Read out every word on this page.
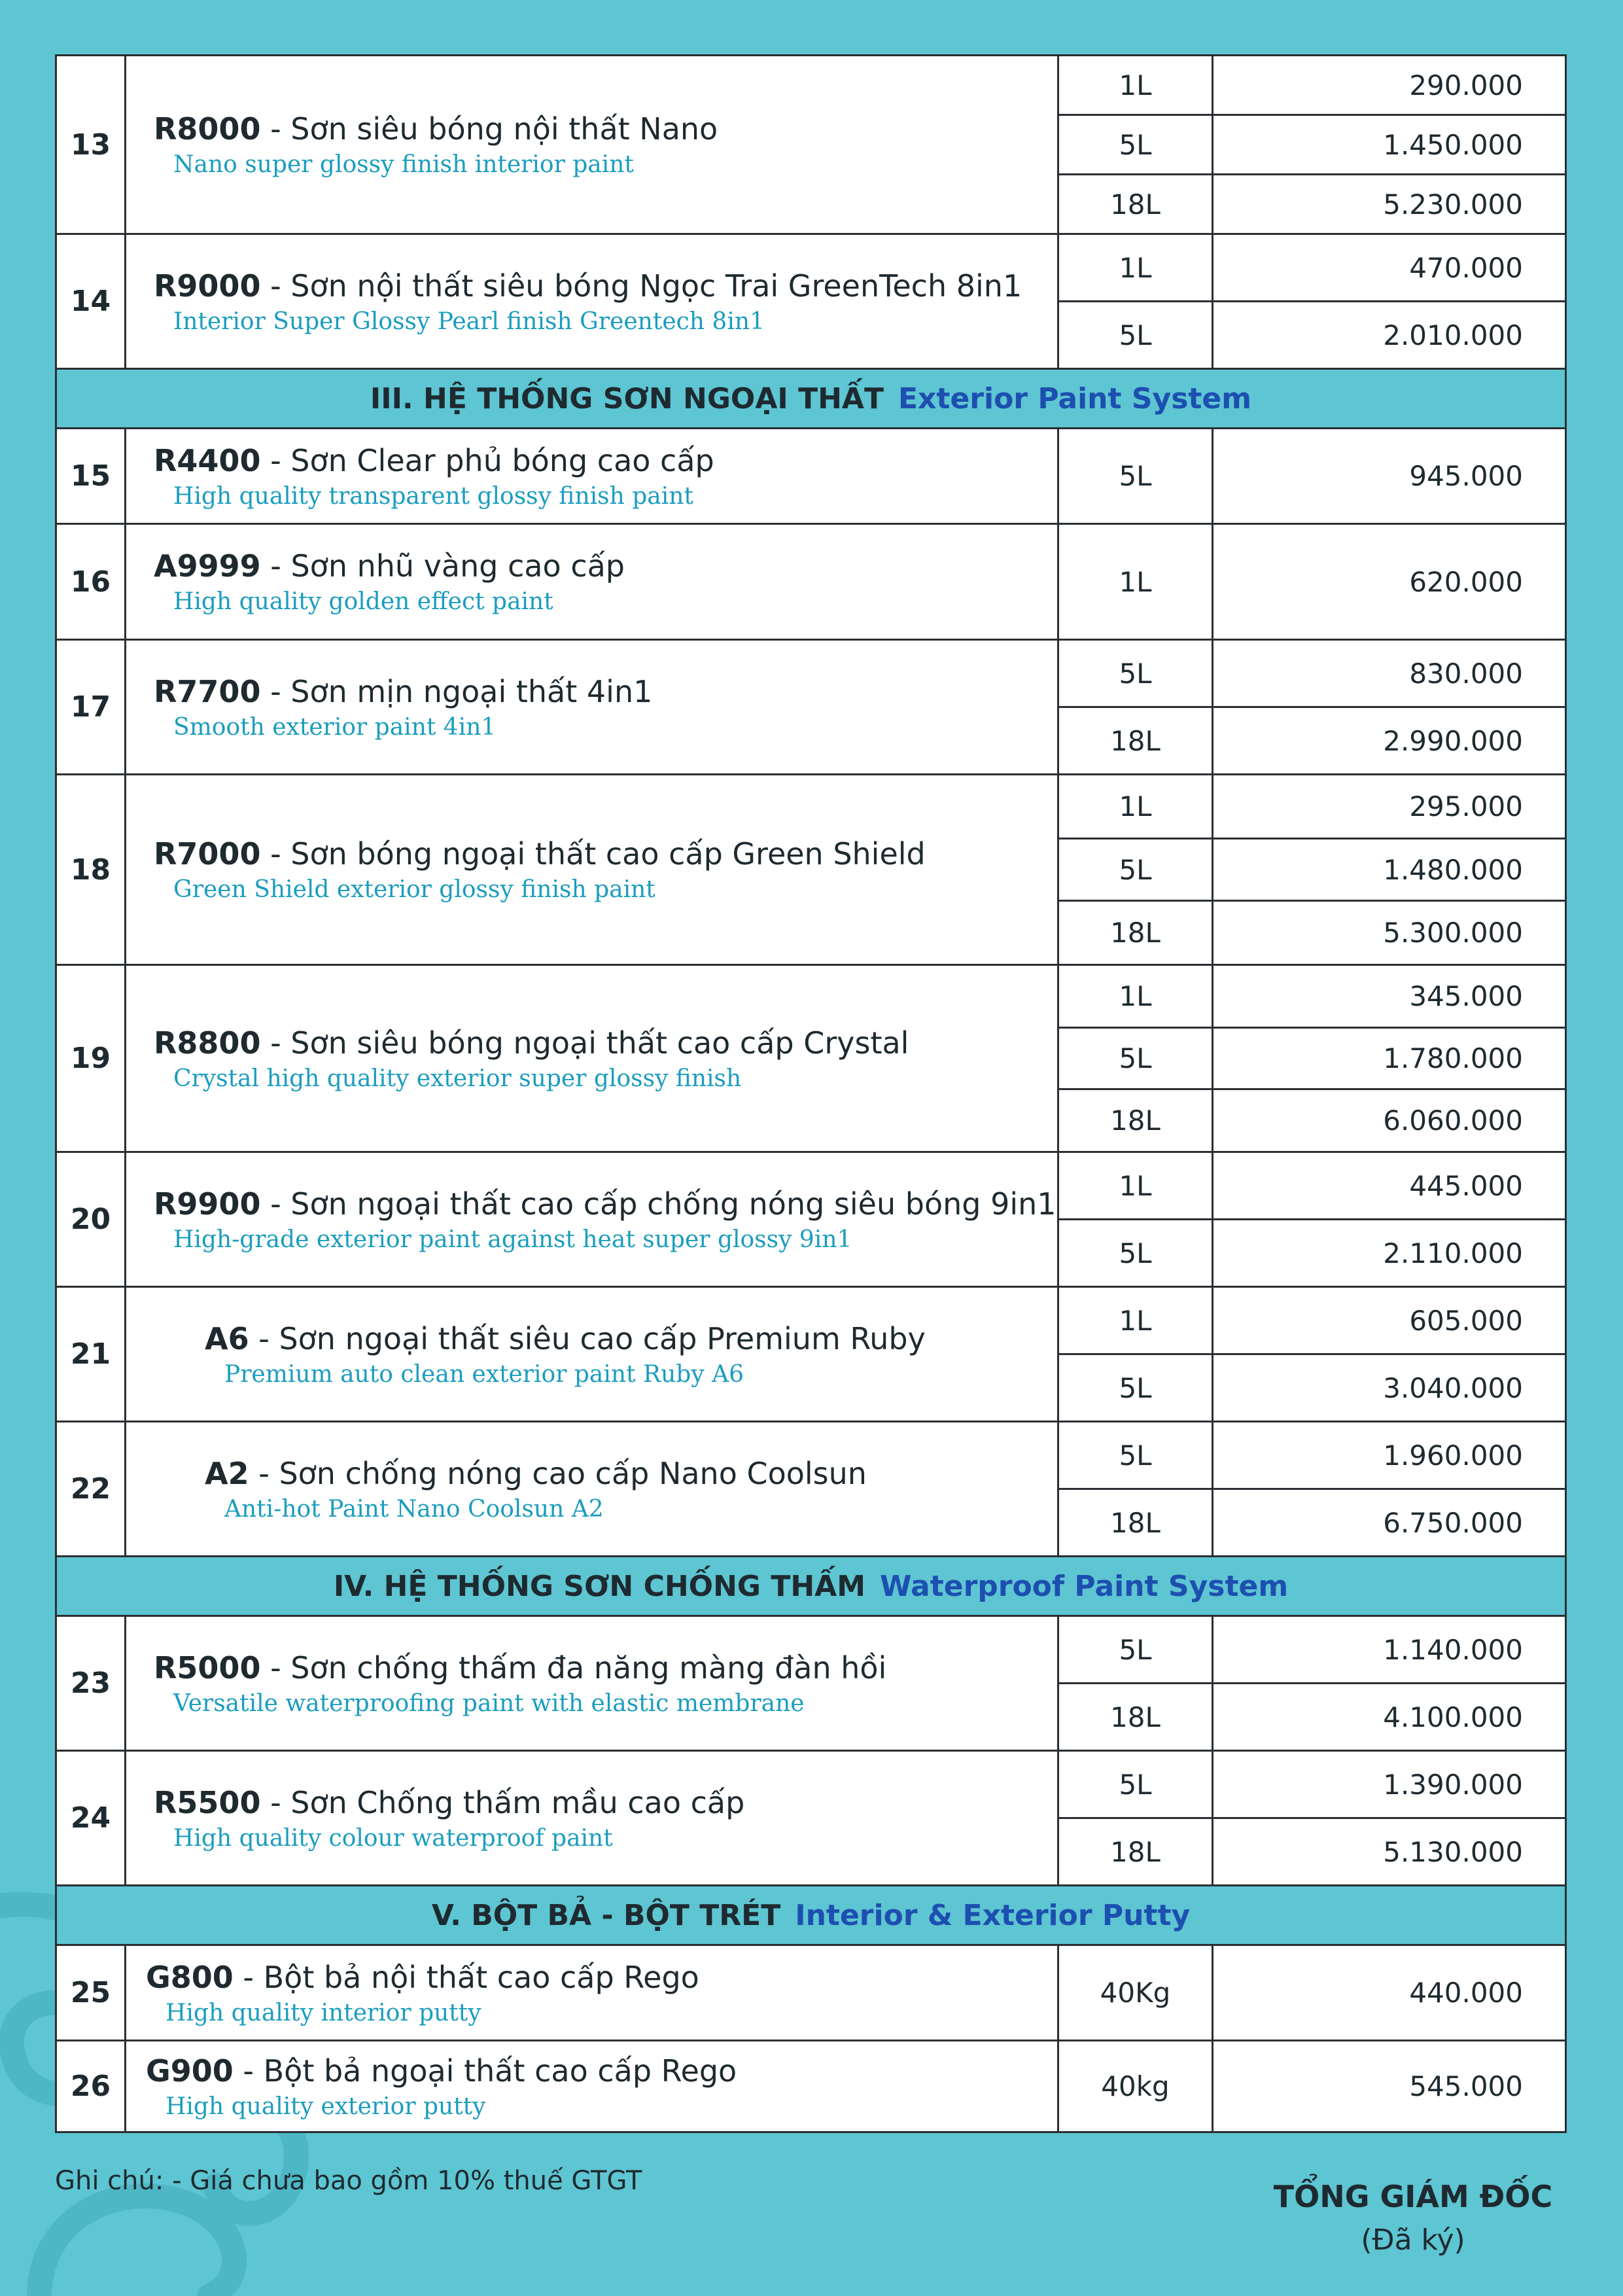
13	R8000 - Sơn siêu bóng nội thất Nano
Nano super glossy finish interior paint	1L	290.000
		5L	1.450.000
		18L	5.230.000
14	R9000 - Sơn nội thất siêu bóng Ngọc Trai GreenTech 8in1
Interior Super Glossy Pearl finish Greentech 8in1	1L	470.000
		5L	2.010.000
III. HỆ THỐNG SƠN NGOẠI THẤT Exterior Paint System			
15	R4400 - Sơn Clear phủ bóng cao cấp
High quality transparent glossy finish paint	5L	945.000
16	A9999 - Sơn nhũ vàng cao cấp
High quality golden effect paint	1L	620.000
17	R7700 - Sơn mịn ngoại thất 4in1
Smooth exterior paint 4in1	5L	830.000
		18L	2.990.000
18	R7000 - Sơn bóng ngoại thất cao cấp Green Shield
Green Shield exterior glossy finish paint	1L	295.000
		5L	1.480.000
		18L	5.300.000
19	R8800 - Sơn siêu bóng ngoại thất cao cấp Crystal
Crystal high quality exterior super glossy finish	1L	345.000
		5L	1.780.000
		18L	6.060.000
20	R9900 - Sơn ngoại thất cao cấp chống nóng siêu bóng 9in1
High-grade exterior paint against heat super glossy 9in1	1L	445.000
		5L	2.110.000
21	A6 - Sơn ngoại thất siêu cao cấp Premium Ruby
Premium auto clean exterior paint Ruby A6	1L	605.000
		5L	3.040.000
22	A2 - Sơn chống nóng cao cấp Nano Coolsun
Anti-hot Paint Nano Coolsun A2	5L	1.960.000
		18L	6.750.000
IV. HỆ THỐNG SƠN CHỐNG THẤM Waterproof Paint System			
23	R5000 - Sơn chống thấm đa năng màng đàn hồi
Versatile waterproofing paint with elastic membrane	5L	1.140.000
		18L	4.100.000
24	R5500 - Sơn Chống thấm mầu cao cấp
High quality colour waterproof paint	5L	1.390.000
		18L	5.130.000
V. BỘT BẢ - BỘT TRÉT Interior & Exterior Putty			
25	G800 - Bột bả nội thất cao cấp Rego
High quality interior putty	40Kg	440.000
26	G900 - Bột bả ngoại thất cao cấp Rego
High quality exterior putty	40kg	545.000
Ghi chú: - Giá chưa bao gồm 10% thuế GTGT	TỔNG GIÁM ĐỐC
(Đã ký)
